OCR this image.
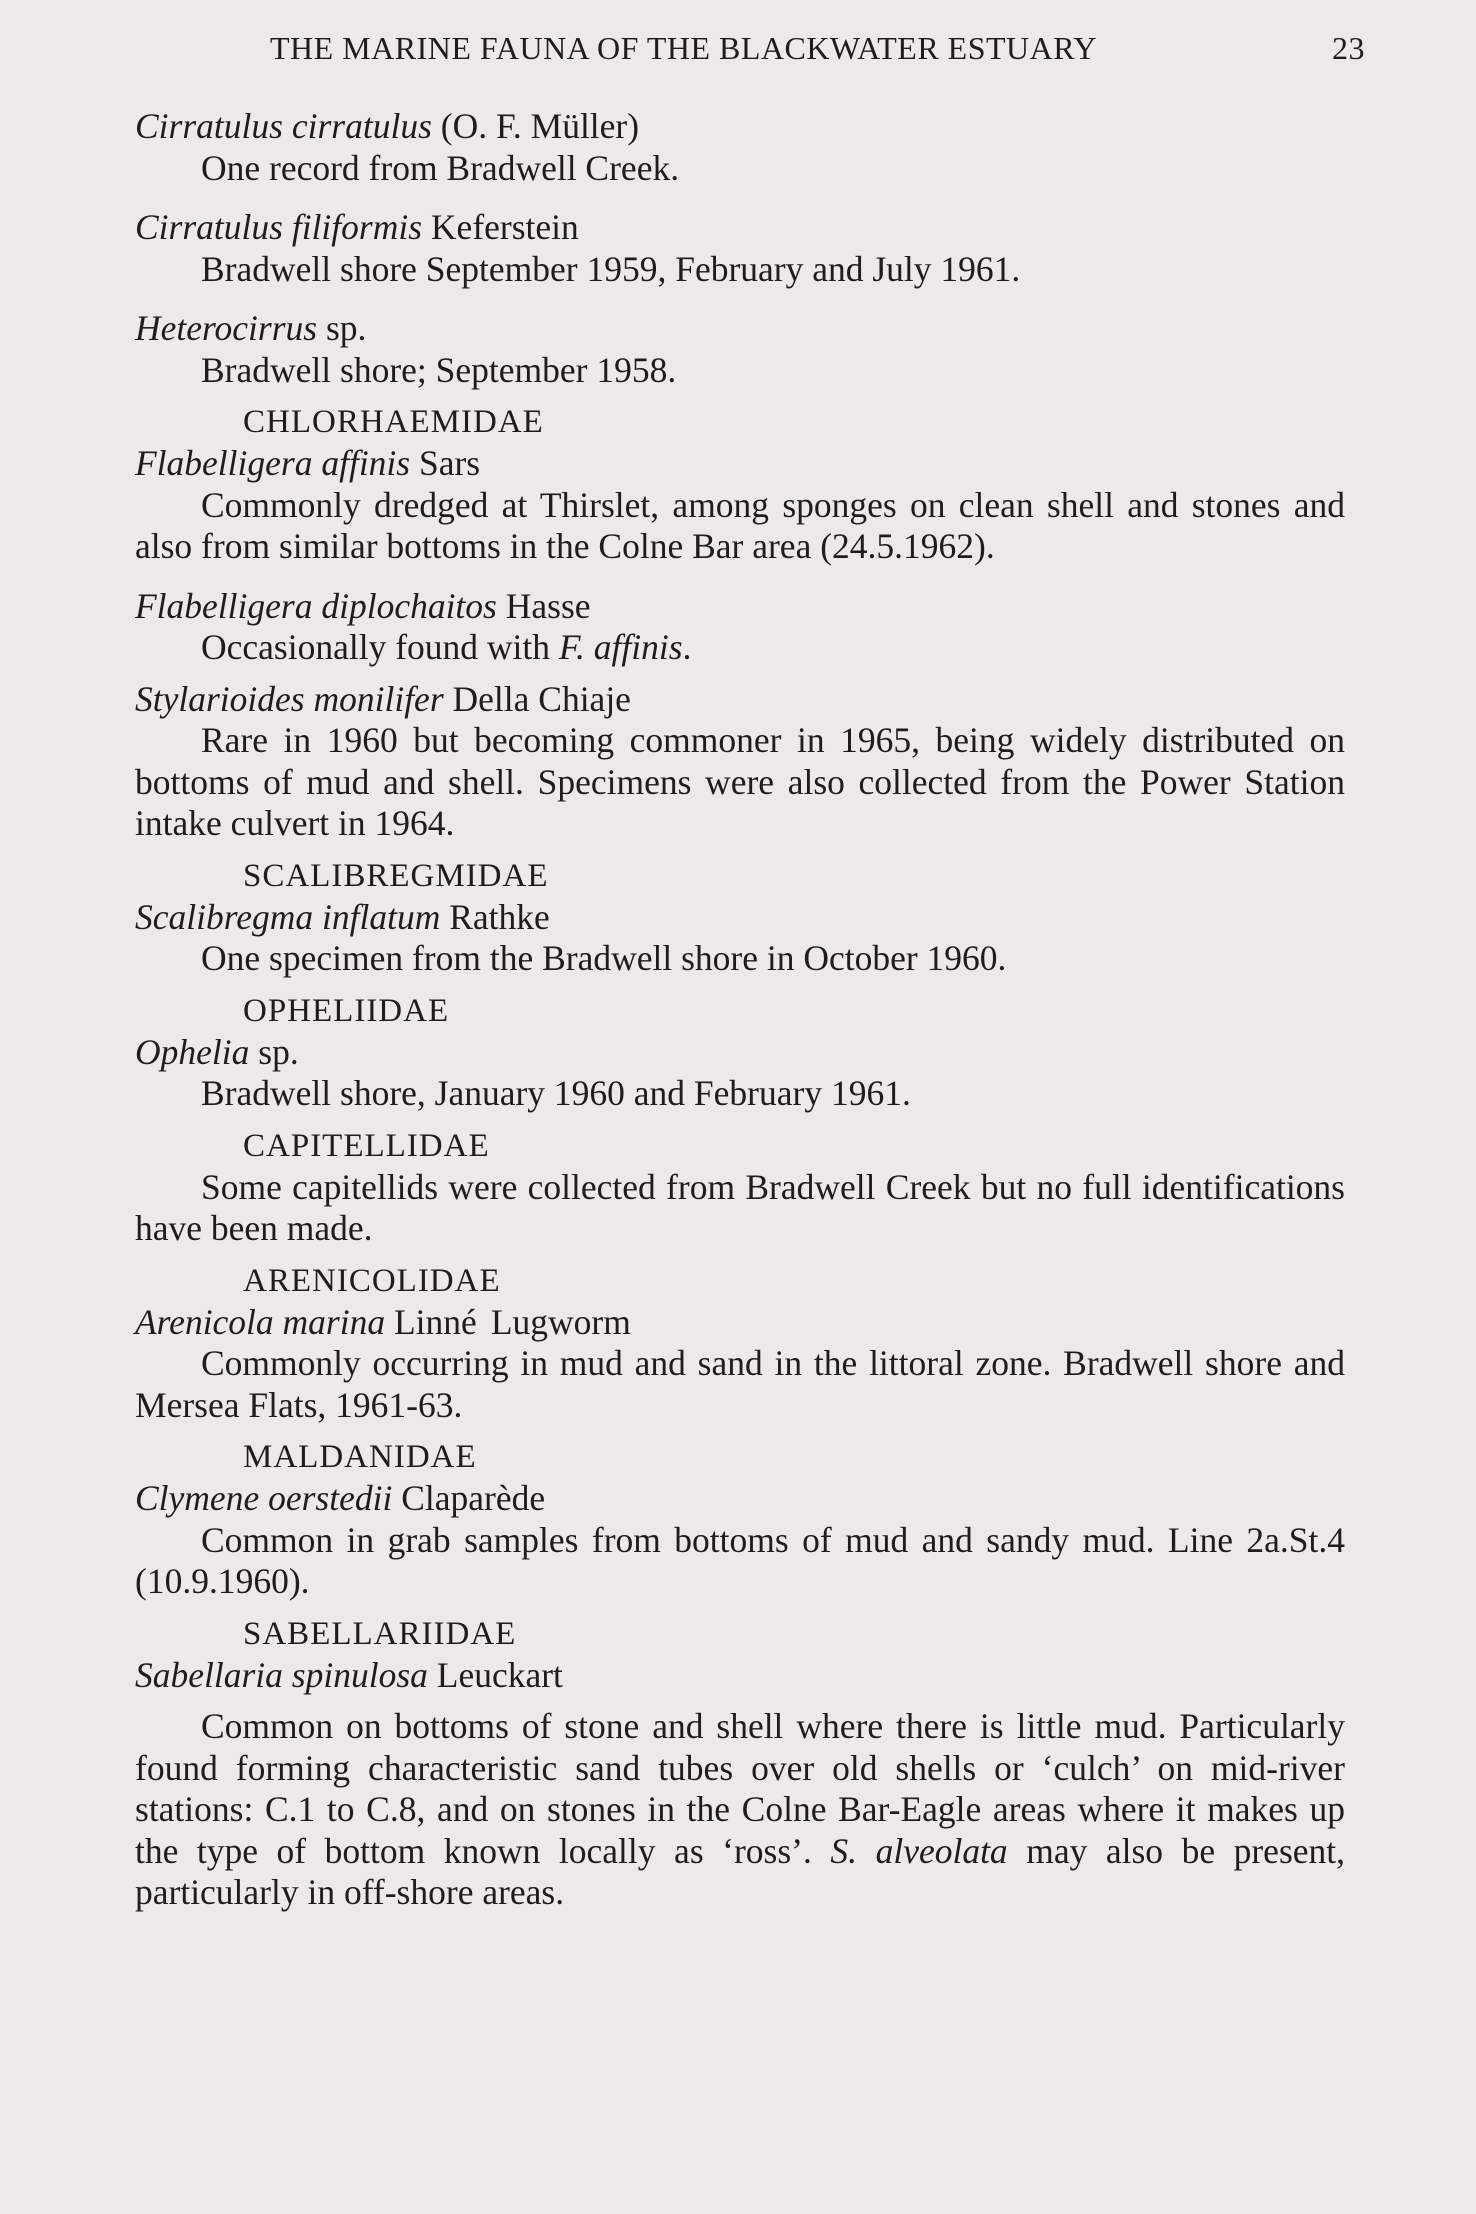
THE MARINE FAUNA OF THE BLACKWATER ESTUARY	23
Cirratulus cirratulus (O. F. Müller)

One record from Bradwell Creek.

Cirratulus filiformis Keferstein

Bradwell shore September 1959, February and July 1961.

Heterocirrus sp.

Bradwell shore; September 1958.

CHLORHAEMIDAE
Flabelligera affinis Sars

Commonly dredged at Thirslet, among sponges on clean shell and stones and also from similar bottoms in the Colne Bar area (24.5.1962).

Flabelligera diplochaitos Hasse

Occasionally found with F. affinis.

Stylarioides monilifer Della Chiaje

Rare in 1960 but becoming commoner in 1965, being widely distributed on bottoms of mud and shell. Specimens were also collected from the Power Station intake culvert in 1964.

SCALIBREGMIDAE
Scalibregma inflatum Rathke

One specimen from the Bradwell shore in October 1960.

OPHELIIDAE
Ophelia sp.

Bradwell shore, January 1960 and February 1961.

CAPITELLIDAE

Some capitellids were collected from Bradwell Creek but no full identifications have been made.

ARENICOLIDAE
Arenicola marina Linné Lugworm

Commonly occurring in mud and sand in the littoral zone. Bradwell shore and Mersea Flats, 1961-63.

MALDANIDAE
Clymene oerstedii Claparède

Common in grab samples from bottoms of mud and sandy mud. Line 2a.St.4 (10.9.1960).

SABELLARIIDAE
Sabellaria spinulosa Leuckart

Common on bottoms of stone and shell where there is little mud. Particularly found forming characteristic sand tubes over old shells or ‘culch’ on mid-river stations: C.1 to C.8, and on stones in the Colne Bar-Eagle areas where it makes up the type of bottom known locally as ‘ross’. S. alveolata may also be present, particularly in off-shore areas.
